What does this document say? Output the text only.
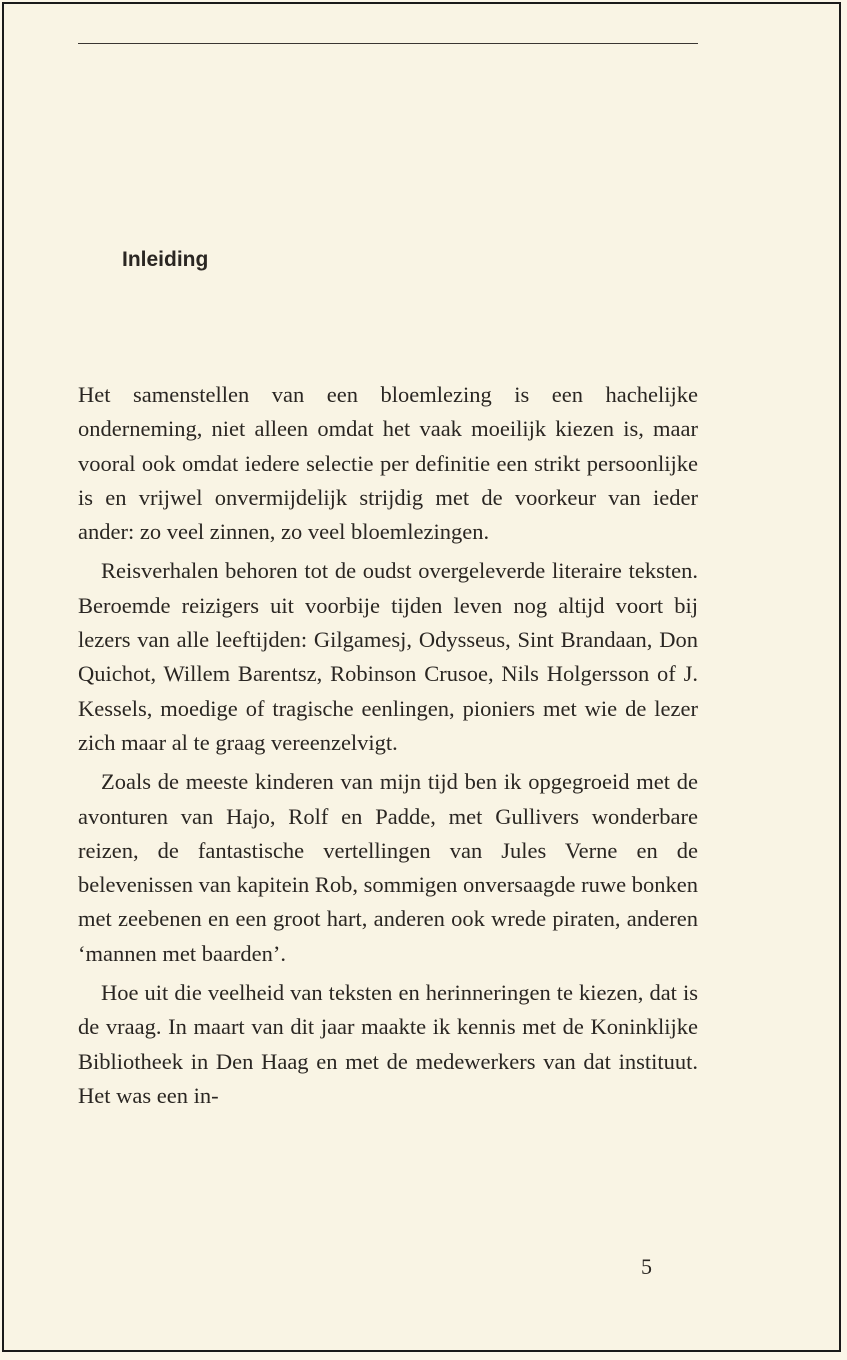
Inleiding

Het samenstellen van een bloemlezing is een hachelijke onderneming, niet alleen omdat het vaak moeilijk kiezen is, maar vooral ook omdat iedere selectie per definitie een strikt persoonlijke is en vrijwel onvermijdelijk strijdig met de voorkeur van ieder ander: zo veel zinnen, zo veel bloemlezingen.

Reisverhalen behoren tot de oudst overgeleverde literaire teksten. Beroemde reizigers uit voorbije tijden leven nog altijd voort bij lezers van alle leeftijden: Gilgamesj, Odysseus, Sint Brandaan, Don Quichot, Willem Barentsz, Robinson Crusoe, Nils Holgersson of J. Kessels, moedige of tragische eenlingen, pioniers met wie de lezer zich maar al te graag vereenzelvigt.

Zoals de meeste kinderen van mijn tijd ben ik opgegroeid met de avonturen van Hajo, Rolf en Padde, met Gullivers wonderbare reizen, de fantastische vertellingen van Jules Verne en de belevenissen van kapitein Rob, sommigen onversaagde ruwe bonken met zeebenen en een groot hart, anderen ook wrede piraten, anderen ‘mannen met baarden’.

Hoe uit die veelheid van teksten en herinneringen te kiezen, dat is de vraag. In maart van dit jaar maakte ik kennis met de Koninklijke Bibliotheek in Den Haag en met de medewerkers van dat instituut. Het was een in-

5
